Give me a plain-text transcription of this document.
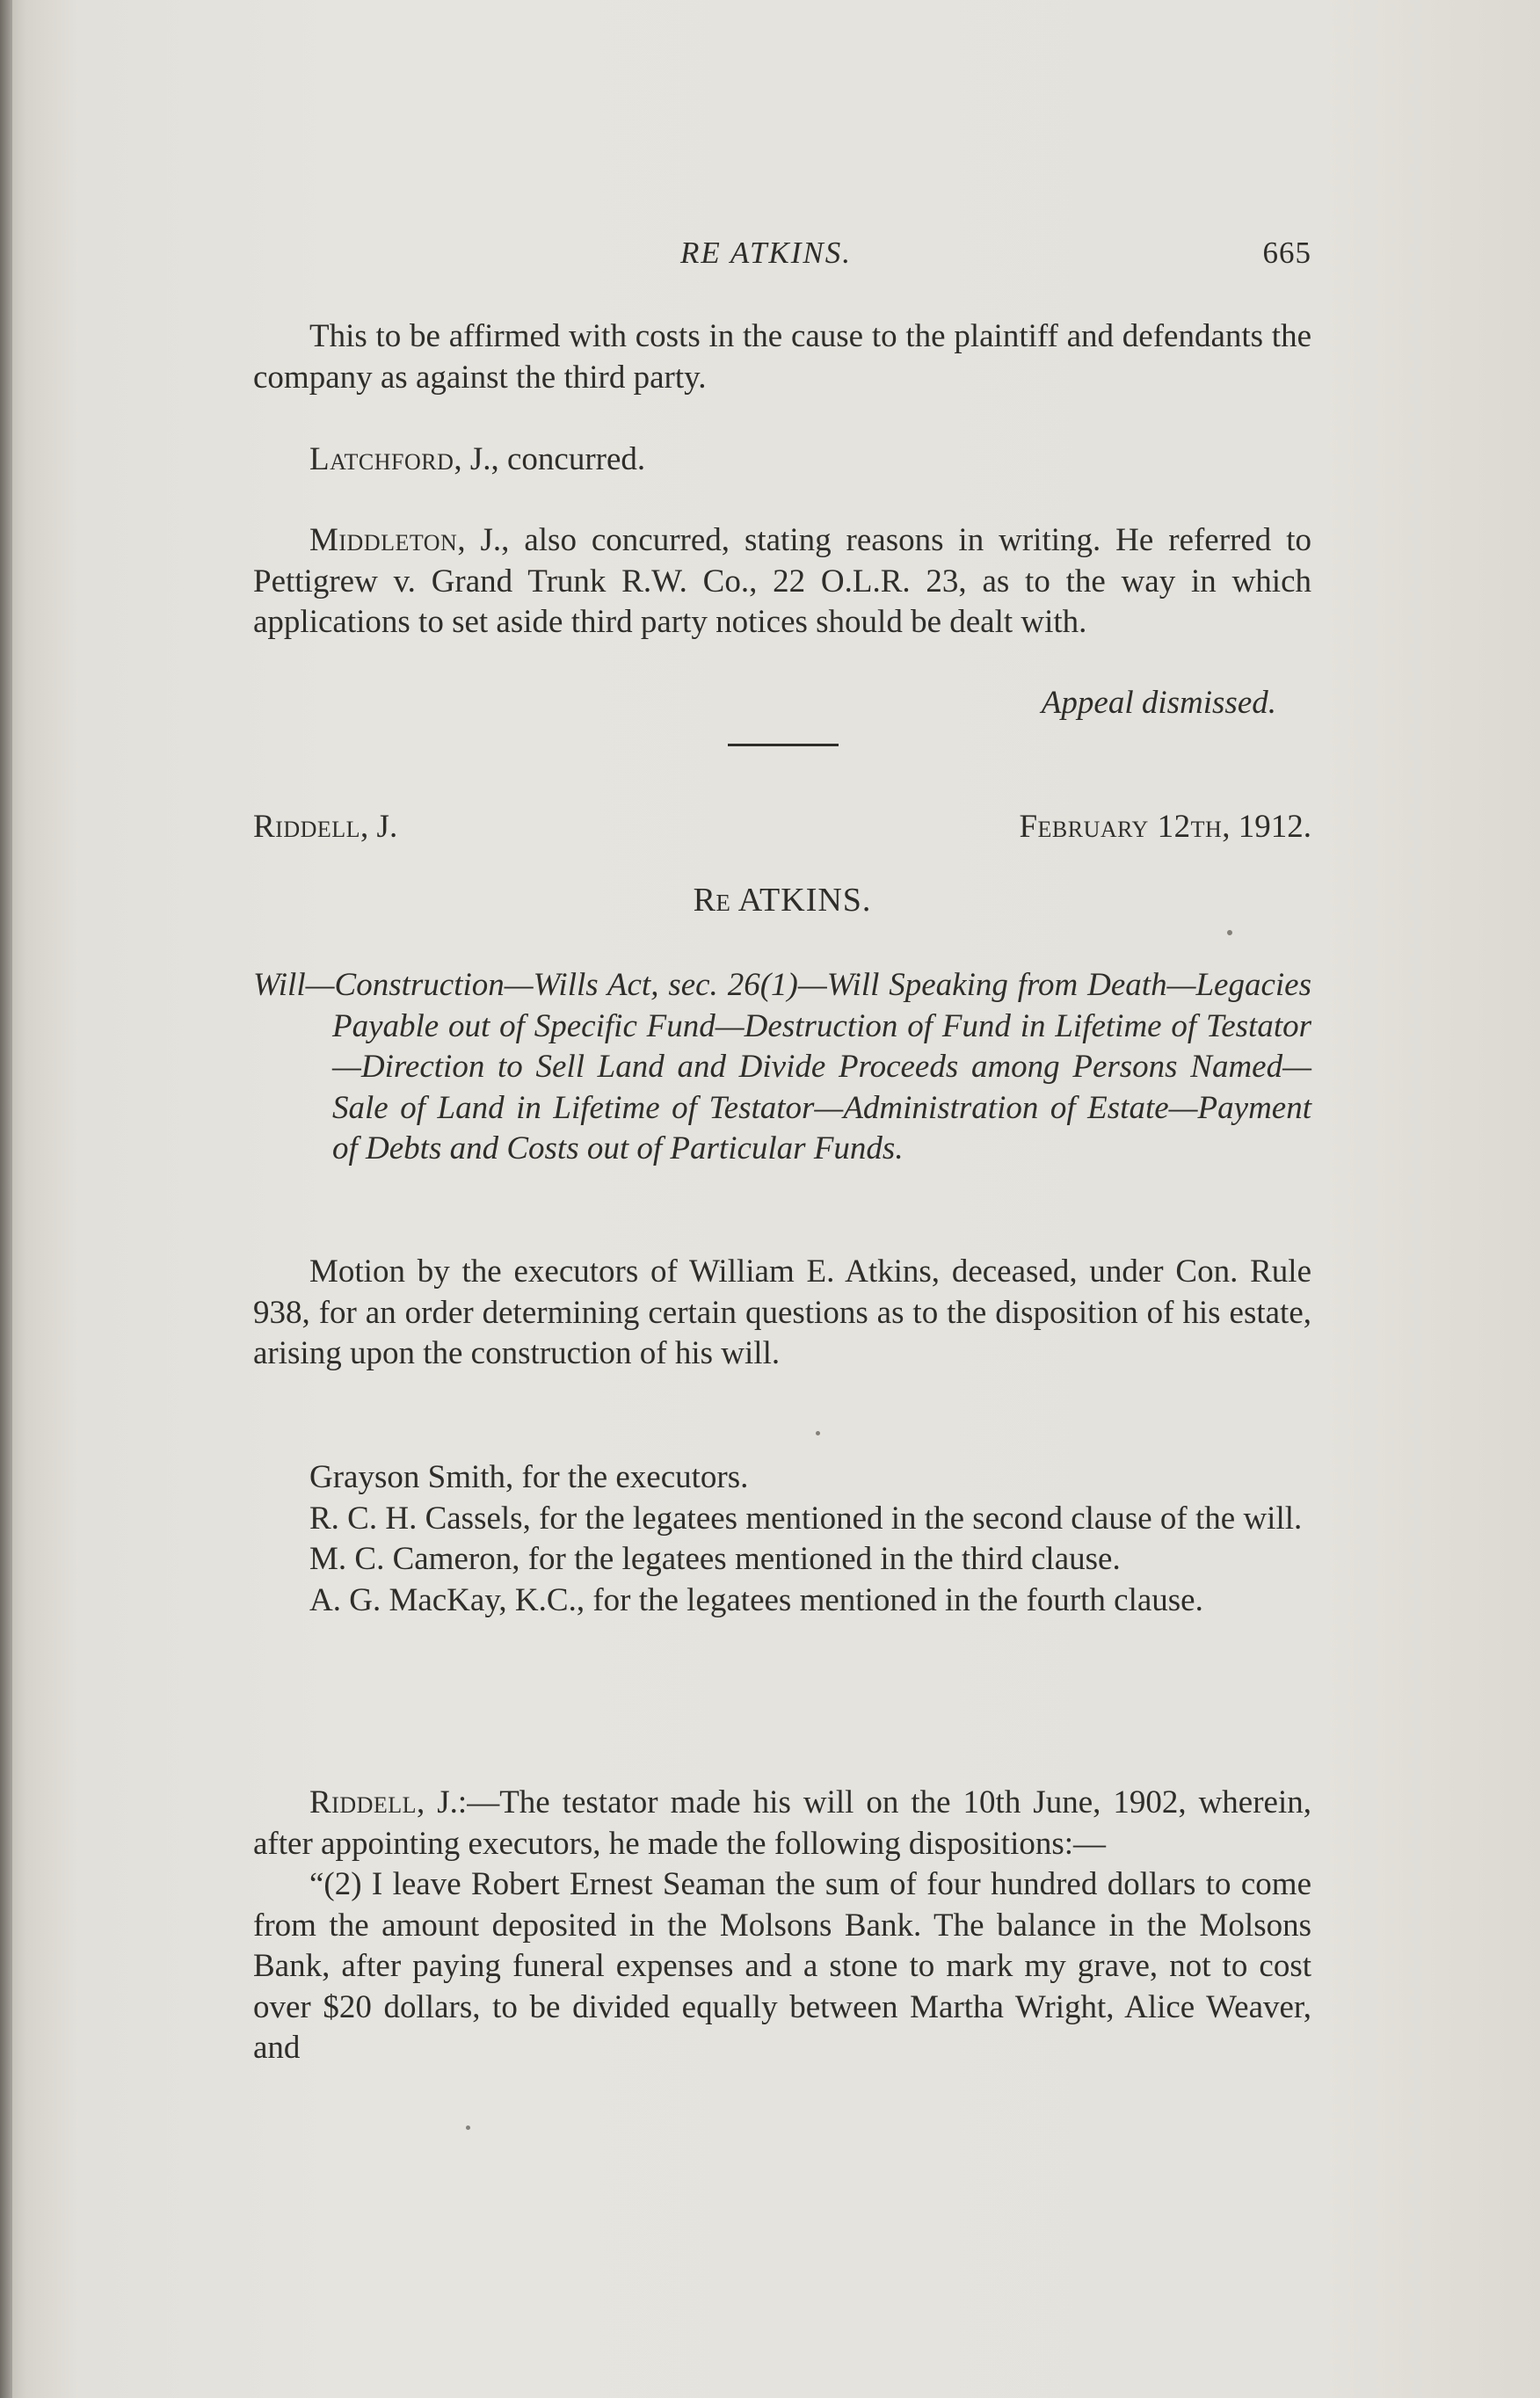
RE ATKINS.	665

This to be affirmed with costs in the cause to the plaintiff and defendants the company as against the third party.

Latchford, J., concurred.

Middleton, J., also concurred, stating reasons in writing. He referred to Pettigrew v. Grand Trunk R.W. Co., 22 O.L.R. 23, as to the way in which applications to set aside third party notices should be dealt with.

Appeal dismissed.

Riddell, J.	February 12th, 1912.
Re ATKINS.

Will—Construction—Wills Act, sec. 26(1)—Will Speaking from Death—Legacies Payable out of Specific Fund—Destruction of Fund in Lifetime of Testator—Direction to Sell Land and Divide Proceeds among Persons Named—Sale of Land in Lifetime of Testator—Administration of Estate—Payment of Debts and Costs out of Particular Funds.

Motion by the executors of William E. Atkins, deceased, under Con. Rule 938, for an order determining certain questions as to the disposition of his estate, arising upon the construction of his will.

Grayson Smith, for the executors.

R. C. H. Cassels, for the legatees mentioned in the second clause of the will.

M. C. Cameron, for the legatees mentioned in the third clause.

A. G. MacKay, K.C., for the legatees mentioned in the fourth clause.

Riddell, J.:—The testator made his will on the 10th June, 1902, wherein, after appointing executors, he made the following dispositions:—

“(2) I leave Robert Ernest Seaman the sum of four hundred dollars to come from the amount deposited in the Molsons Bank. The balance in the Molsons Bank, after paying funeral expenses and a stone to mark my grave, not to cost over $20 dollars, to be divided equally between Martha Wright, Alice Weaver, and
